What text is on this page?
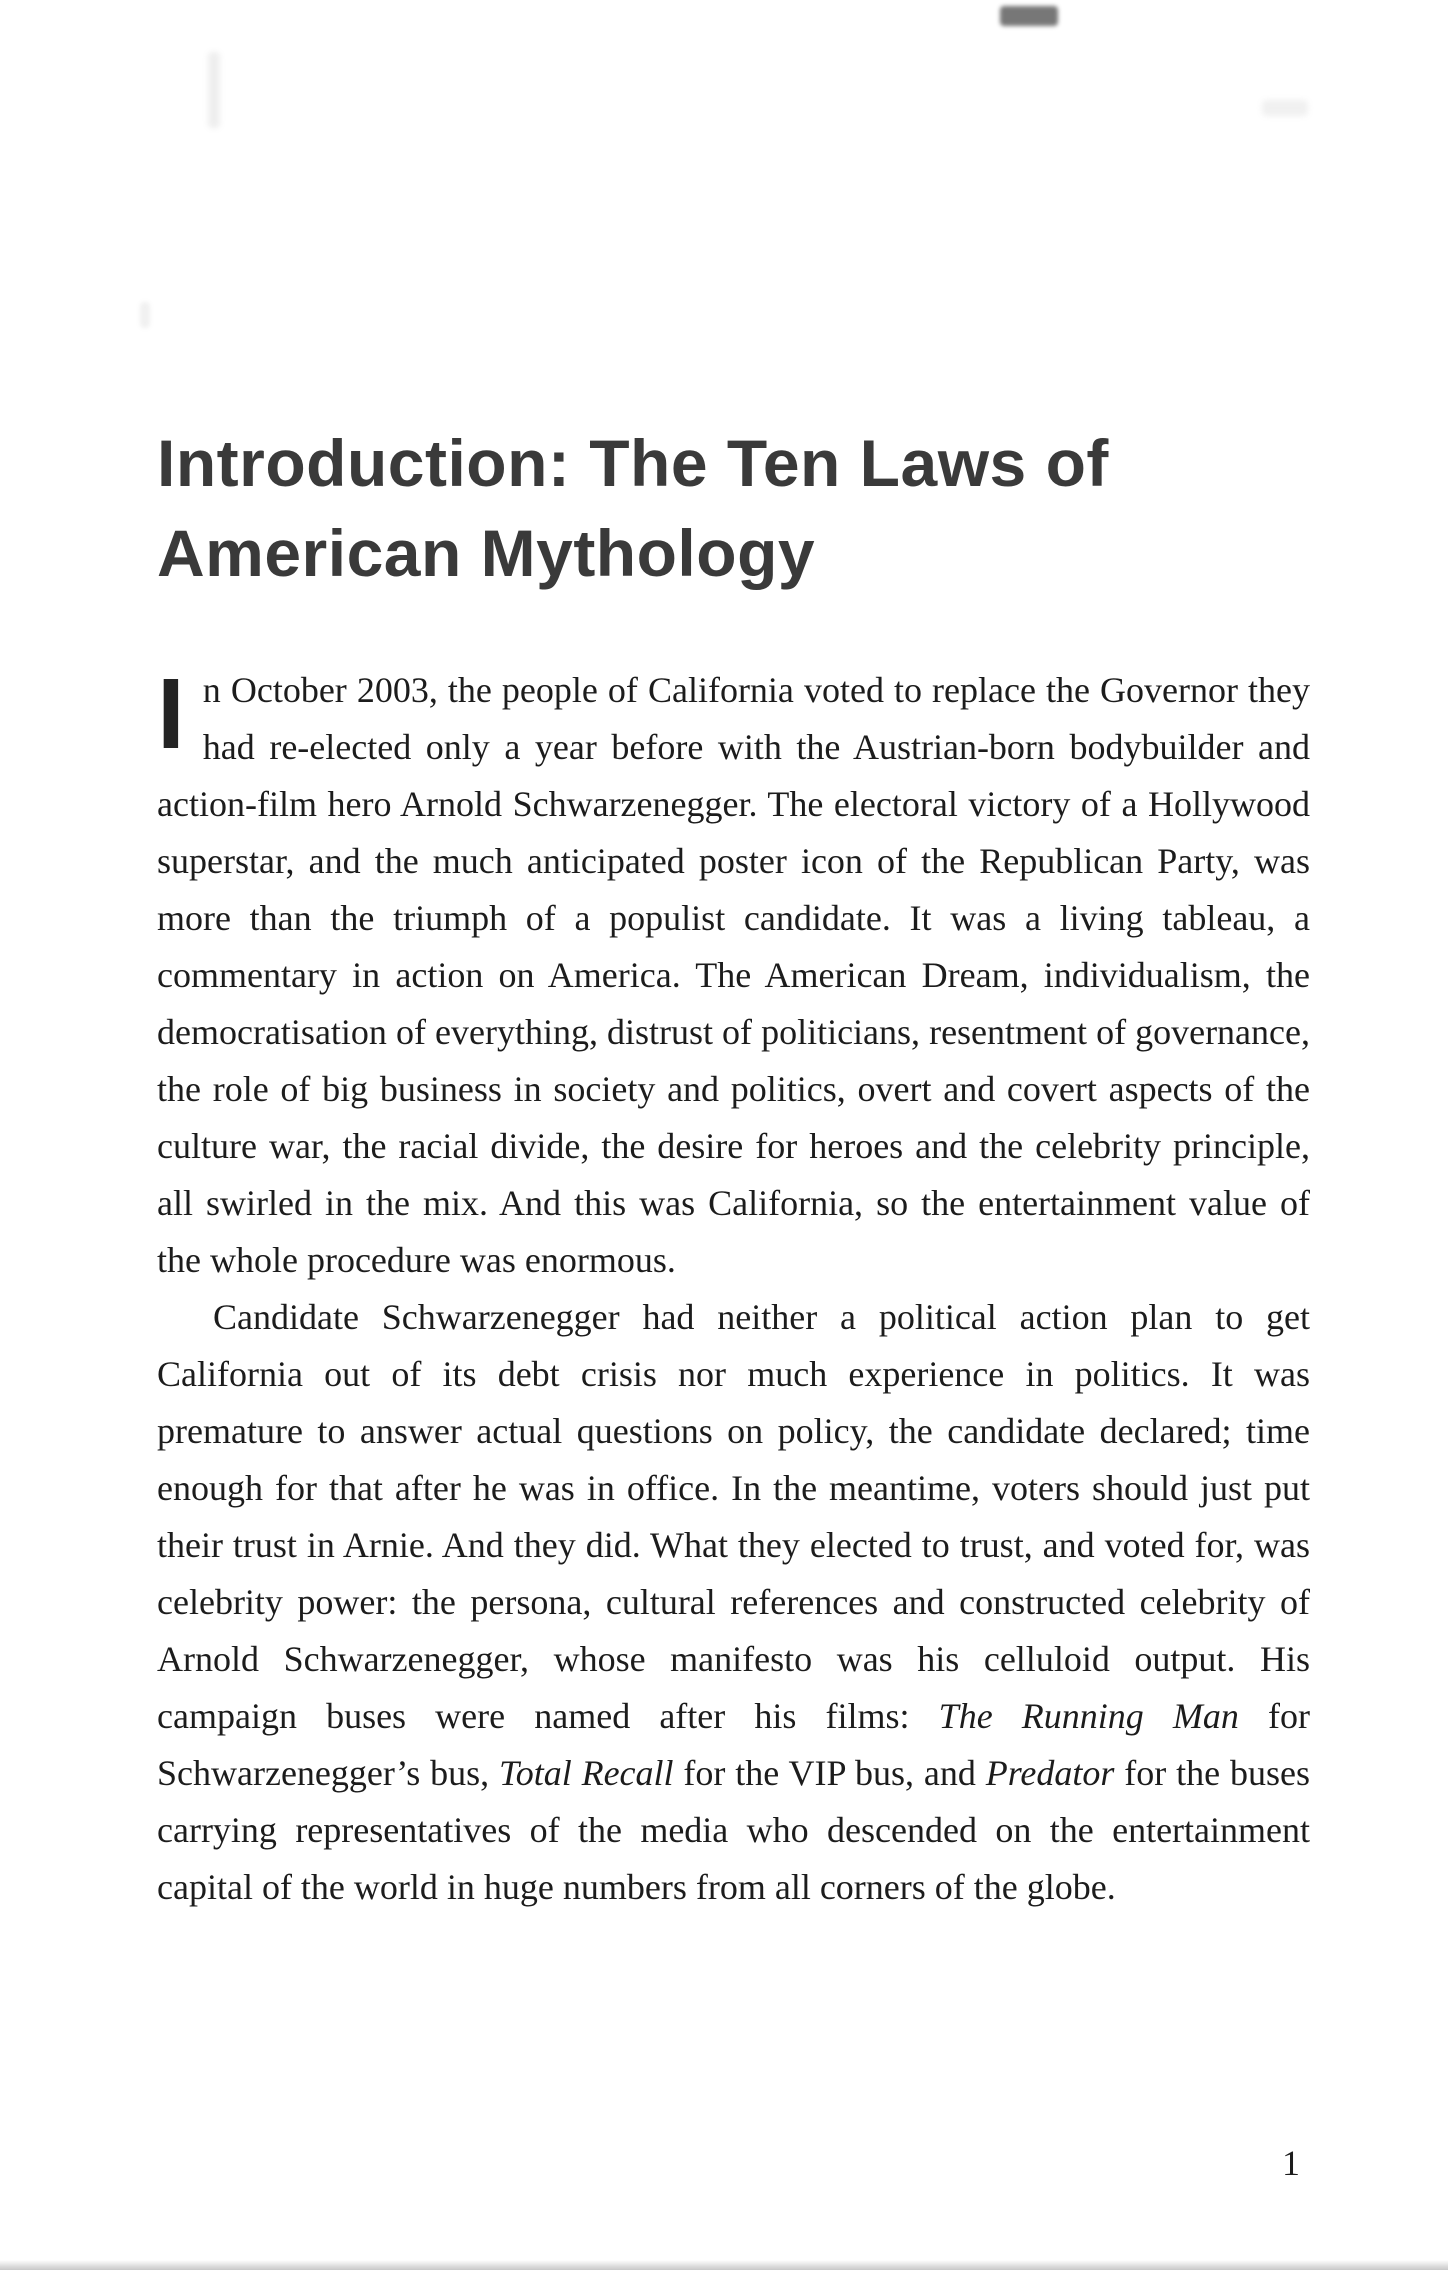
Introduction: The Ten Laws of
American Mythology

In October 2003, the people of California voted to replace the Governor they had re-elected only a year before with the Austrian-born bodybuilder and action-film hero Arnold Schwarzenegger. The electoral victory of a Hollywood superstar, and the much anticipated poster icon of the Republican Party, was more than the triumph of a populist candidate. It was a living tableau, a commentary in action on America. The American Dream, individualism, the democratisation of everything, distrust of politicians, resentment of governance, the role of big business in society and politics, overt and covert aspects of the culture war, the racial divide, the desire for heroes and the celebrity principle, all swirled in the mix. And this was California, so the entertainment value of the whole procedure was enormous.

Candidate Schwarzenegger had neither a political action plan to get California out of its debt crisis nor much experience in politics. It was premature to answer actual questions on policy, the candidate declared; time enough for that after he was in office. In the meantime, voters should just put their trust in Arnie. And they did. What they elected to trust, and voted for, was celebrity power: the persona, cultural references and constructed celebrity of Arnold Schwarzenegger, whose manifesto was his celluloid output. His campaign buses were named after his films: The Running Man for Schwarzenegger’s bus, Total Recall for the VIP bus, and Predator for the buses carrying representatives of the media who descended on the entertainment capital of the world in huge numbers from all corners of the globe.

1
